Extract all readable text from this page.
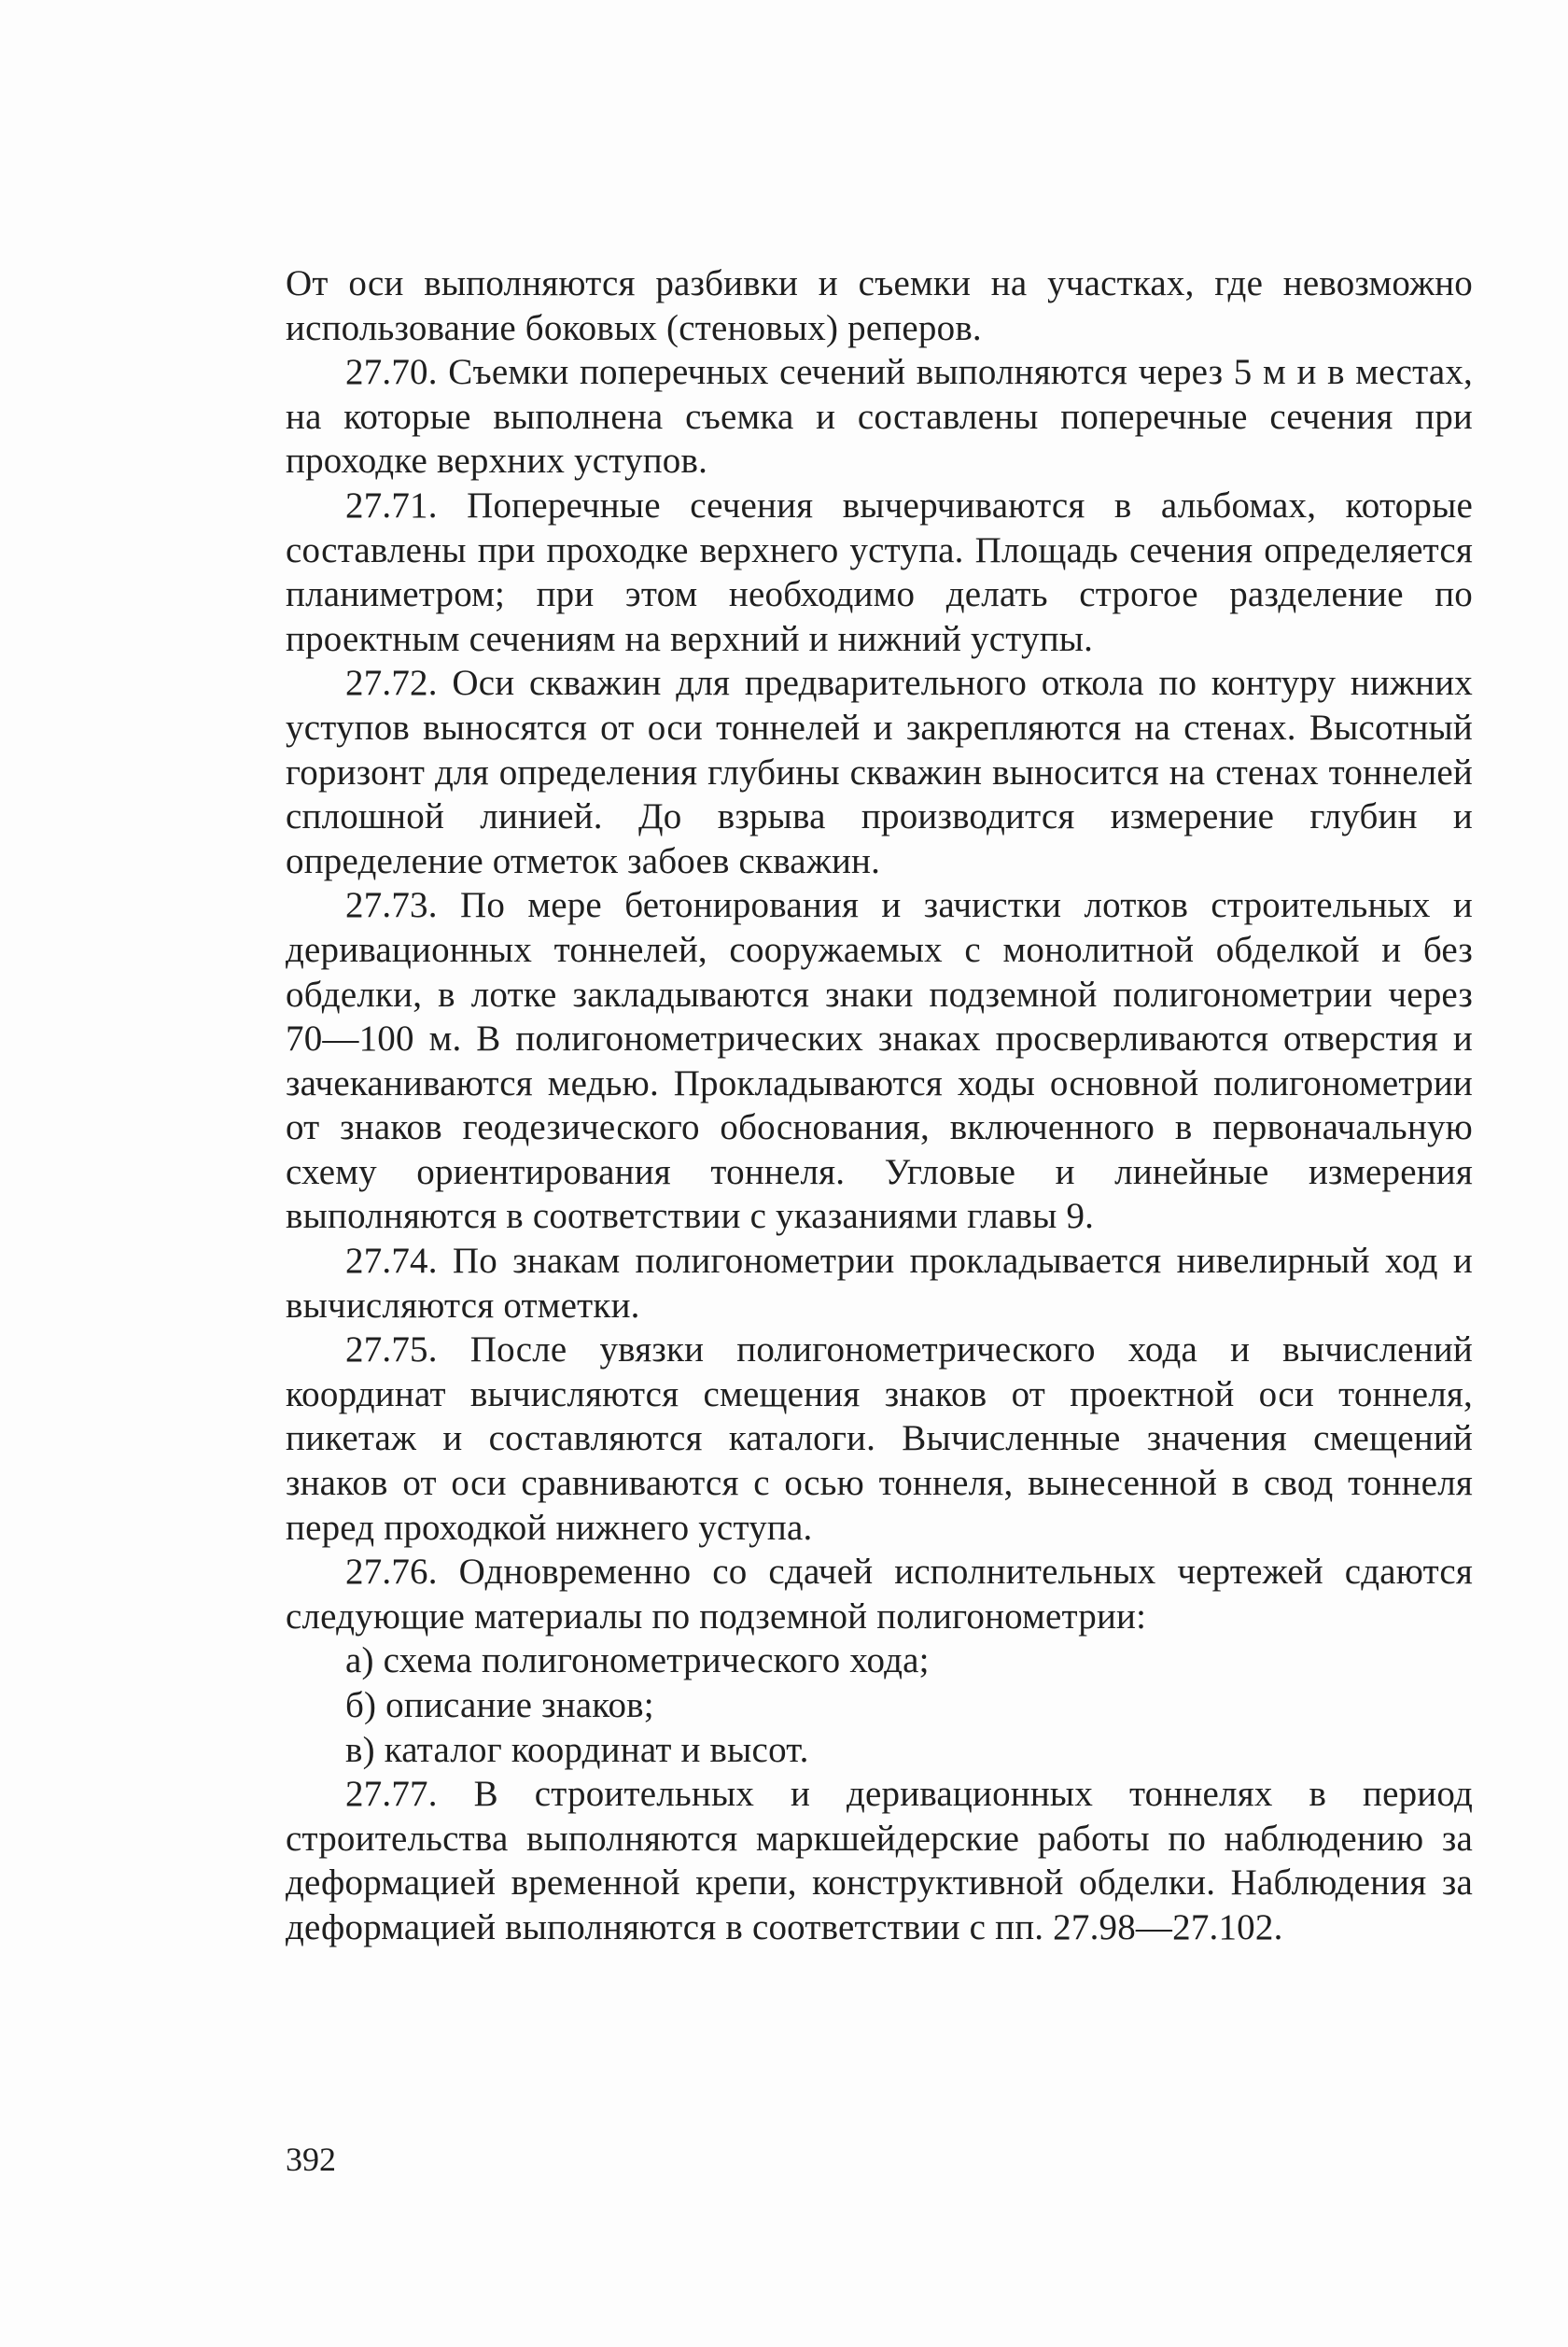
От оси выполняются разбивки и съемки на участках, где невозможно использование боковых (стеновых) реперов.

27.70. Съемки поперечных сечений выполняются через 5 м и в местах, на которые выполнена съемка и составлены поперечные сечения при проходке верхних уступов.

27.71. Поперечные сечения вычерчиваются в альбомах, которые составлены при проходке верхнего уступа. Площадь сечения определяется планиметром; при этом необходимо делать строгое разделение по проектным сечениям на верхний и нижний уступы.

27.72. Оси скважин для предварительного откола по контуру нижних уступов выносятся от оси тоннелей и закрепляются на стенах. Высотный горизонт для определения глубины скважин выносится на стенах тоннелей сплошной линией. До взрыва производится измерение глубин и определение отметок забоев скважин.

27.73. По мере бетонирования и зачистки лотков строительных и деривационных тоннелей, сооружаемых с монолитной обделкой и без обделки, в лотке закладываются знаки подземной полигонометрии через 70—100 м. В полигонометрических знаках просверливаются отверстия и зачеканиваются медью. Прокладываются ходы основной полигонометрии от знаков геодезического обоснования, включенного в первоначальную схему ориентирования тоннеля. Угловые и линейные измерения выполняются в соответствии с указаниями главы 9.

27.74. По знакам полигонометрии прокладывается нивелирный ход и вычисляются отметки.

27.75. После увязки полигонометрического хода и вычислений координат вычисляются смещения знаков от проектной оси тоннеля, пикетаж и составляются каталоги. Вычисленные значения смещений знаков от оси сравниваются с осью тоннеля, вынесенной в свод тоннеля перед проходкой нижнего уступа.

27.76. Одновременно со сдачей исполнительных чертежей сдаются следующие материалы по подземной полигонометрии:

а) схема полигонометрического хода;

б) описание знаков;

в) каталог координат и высот.

27.77. В строительных и деривационных тоннелях в период строительства выполняются маркшейдерские работы по наблюдению за деформацией временной крепи, конструктивной обделки. Наблюдения за деформацией выполняются в соответствии с пп. 27.98—27.102.

392
